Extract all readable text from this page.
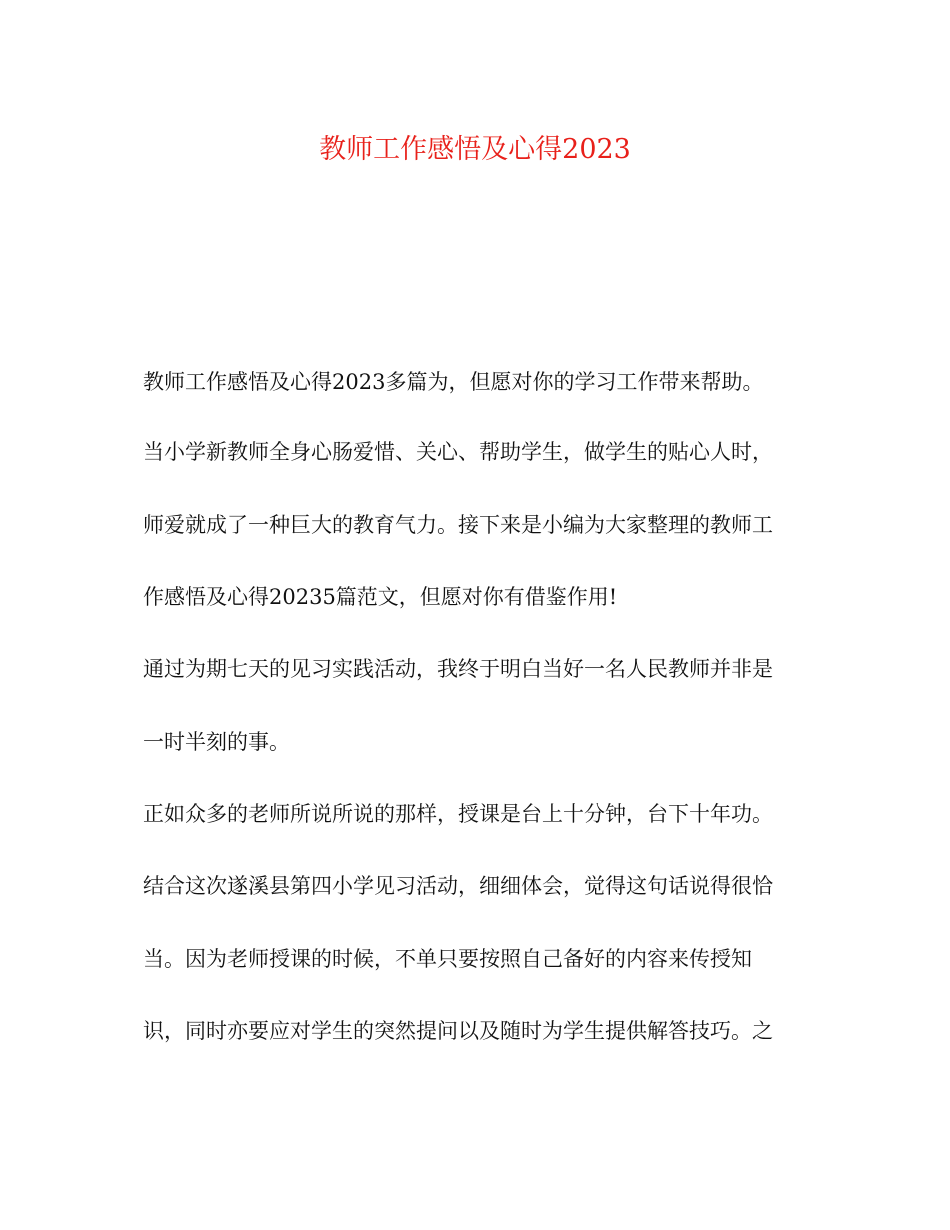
教师工作感悟及心得2023

教师工作感悟及心得2023多篇为，但愿对你的学习工作带来帮助。

当小学新教师全身心肠爱惜、关心、帮助学生，做学生的贴心人时，

师爱就成了一种巨大的教育气力。接下来是小编为大家整理的教师工

作感悟及心得20235篇范文，但愿对你有借鉴作用!

通过为期七天的见习实践活动，我终于明白当好一名人民教师并非是

一时半刻的事。

正如众多的老师所说所说的那样，授课是台上十分钟，台下十年功。

结合这次遂溪县第四小学见习活动，细细体会，觉得这句话说得很恰

当。因为老师授课的时候，不单只要按照自己备好的内容来传授知

识，同时亦要应对学生的突然提问以及随时为学生提供解答技巧。之
